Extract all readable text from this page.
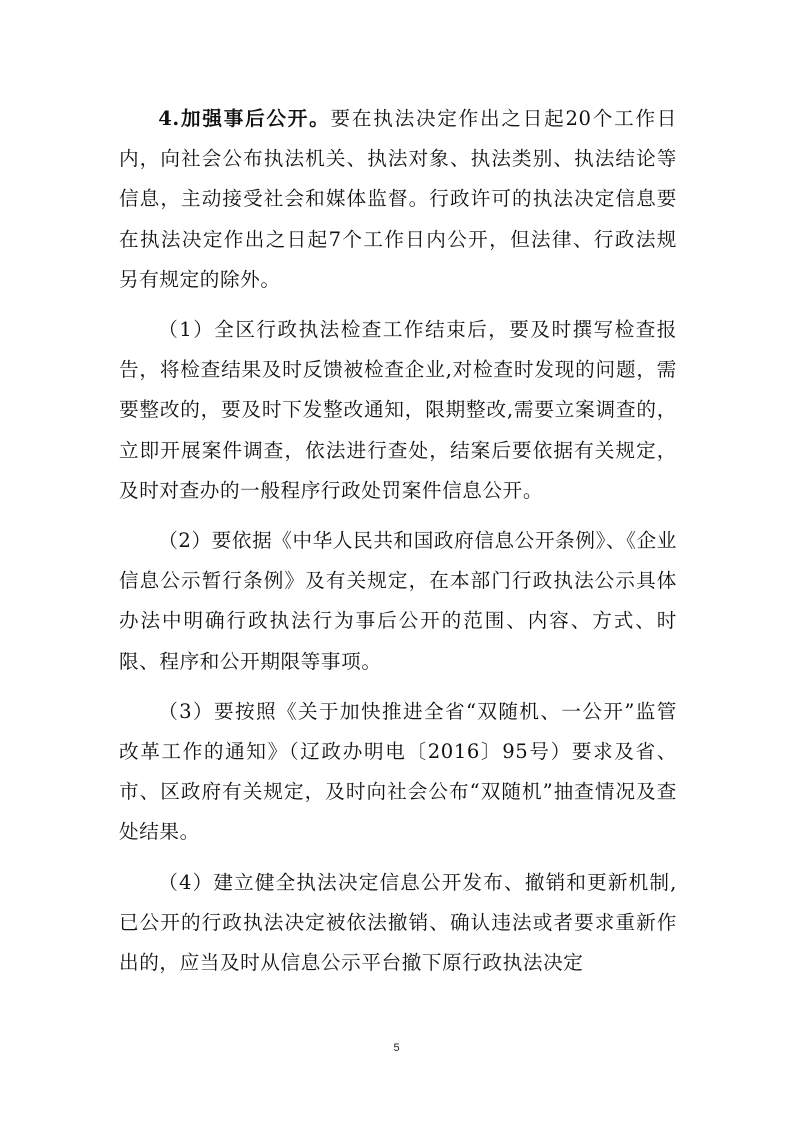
4.加强事后公开。要在执法决定作出之日起20个工作日内，向社会公布执法机关、执法对象、执法类别、执法结论等信息，主动接受社会和媒体监督。行政许可的执法决定信息要在执法决定作出之日起7个工作日内公开，但法律、行政法规另有规定的除外。

（1）全区行政执法检查工作结束后，要及时撰写检查报告，将检查结果及时反馈被检查企业,对检查时发现的问题，需要整改的，要及时下发整改通知，限期整改,需要立案调查的，立即开展案件调查，依法进行查处，结案后要依据有关规定，及时对查办的一般程序行政处罚案件信息公开。

（2）要依据《中华人民共和国政府信息公开条例》、《企业信息公示暂行条例》及有关规定，在本部门行政执法公示具体办法中明确行政执法行为事后公开的范围、内容、方式、时限、程序和公开期限等事项。

（3）要按照《关于加快推进全省“双随机、一公开”监管改革工作的通知》（辽政办明电〔2016〕95号）要求及省、市、区政府有关规定，及时向社会公布“双随机”抽查情况及查处结果。

（4）建立健全执法决定信息公开发布、撤销和更新机制,已公开的行政执法决定被依法撤销、确认违法或者要求重新作出的，应当及时从信息公示平台撤下原行政执法决定

5
